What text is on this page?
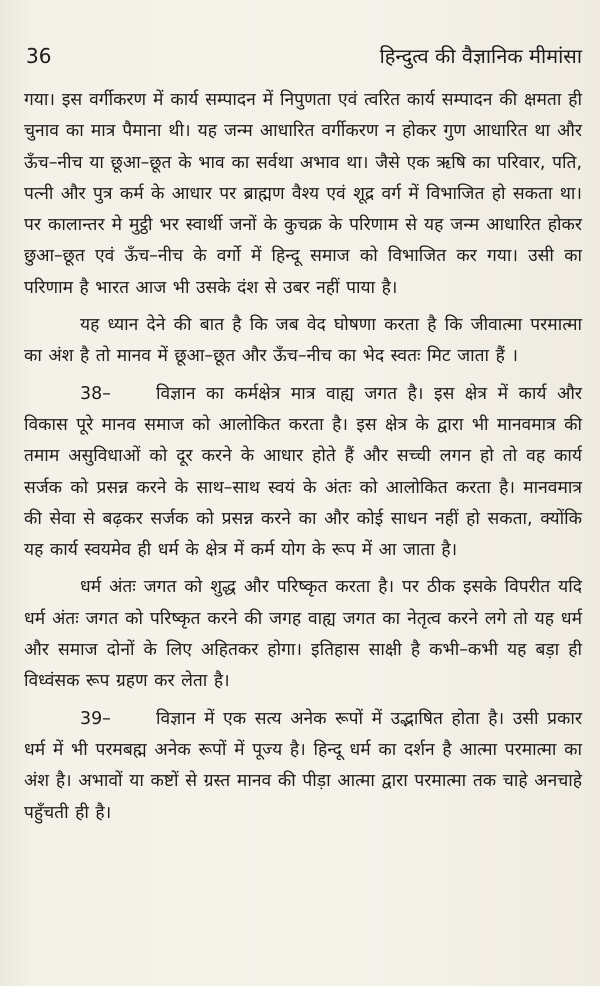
36	हिन्दुत्व की वैज्ञानिक मीमांसा

गया। इस वर्गीकरण में कार्य सम्पादन में निपुणता एवं त्वरित कार्य सम्पादन की क्षमता ही चुनाव का मात्र पैमाना थी। यह जन्म आधारित वर्गीकरण न होकर गुण आधारित था और ऊँच–नीच या छूआ–छूत के भाव का सर्वथा अभाव था। जैसे एक ऋषि का परिवार, पति, पत्नी और पुत्र कर्म के आधार पर ब्राह्मण वैश्य एवं शूद्र वर्ग में विभाजित हो सकता था। पर कालान्तर मे मुट्ठी भर स्वार्थी जनों के कुचक्र के परिणाम से यह जन्म आधारित होकर छुआ–छूत एवं ऊँच–नीच के वर्गो में हिन्दू समाज को विभाजित कर गया। उसी का परिणाम है भारत आज भी उसके दंश से उबर नहीं पाया है।

यह ध्यान देने की बात है कि जब वेद घोषणा करता है कि जीवात्मा परमात्मा का अंश है तो मानव में छूआ–छूत और ऊँच–नीच का भेद स्वतः मिट जाता हैं ।

38–	विज्ञान का कर्मक्षेत्र मात्र वाह्य जगत है। इस क्षेत्र में कार्य और विकास पूरे मानव समाज को आलोकित करता है। इस क्षेत्र के द्वारा भी मानवमात्र की तमाम असुविधाओं को दूर करने के आधार होते हैं और सच्ची लगन हो तो वह कार्य सर्जक को प्रसन्न करने के साथ–साथ स्वयं के अंतः को आलोकित करता है। मानवमात्र की सेवा से बढ़कर सर्जक को प्रसन्न करने का और कोई साधन नहीं हो सकता, क्योंकि यह कार्य स्वयमेव ही धर्म के क्षेत्र में कर्म योग के रूप में आ जाता है।

धर्म अंतः जगत को शुद्ध और परिष्कृत करता है। पर ठीक इसके विपरीत यदि धर्म अंतः जगत को परिष्कृत करने की जगह वाह्य जगत का नेतृत्व करने लगे तो यह धर्म और समाज दोनों के लिए अहितकर होगा। इतिहास साक्षी है कभी–कभी यह बड़ा ही विध्वंसक रूप ग्रहण कर लेता है।

39–	विज्ञान में एक सत्य अनेक रूपों में उद्भाषित होता है। उसी प्रकार धर्म में भी परमबह्म अनेक रूपों में पूज्य है। हिन्दू धर्म का दर्शन है आत्मा परमात्मा का अंश है। अभावों या कष्टों से ग्रस्त मानव की पीड़ा आत्मा द्वारा परमात्मा तक चाहे अनचाहे पहुँचती ही है।
